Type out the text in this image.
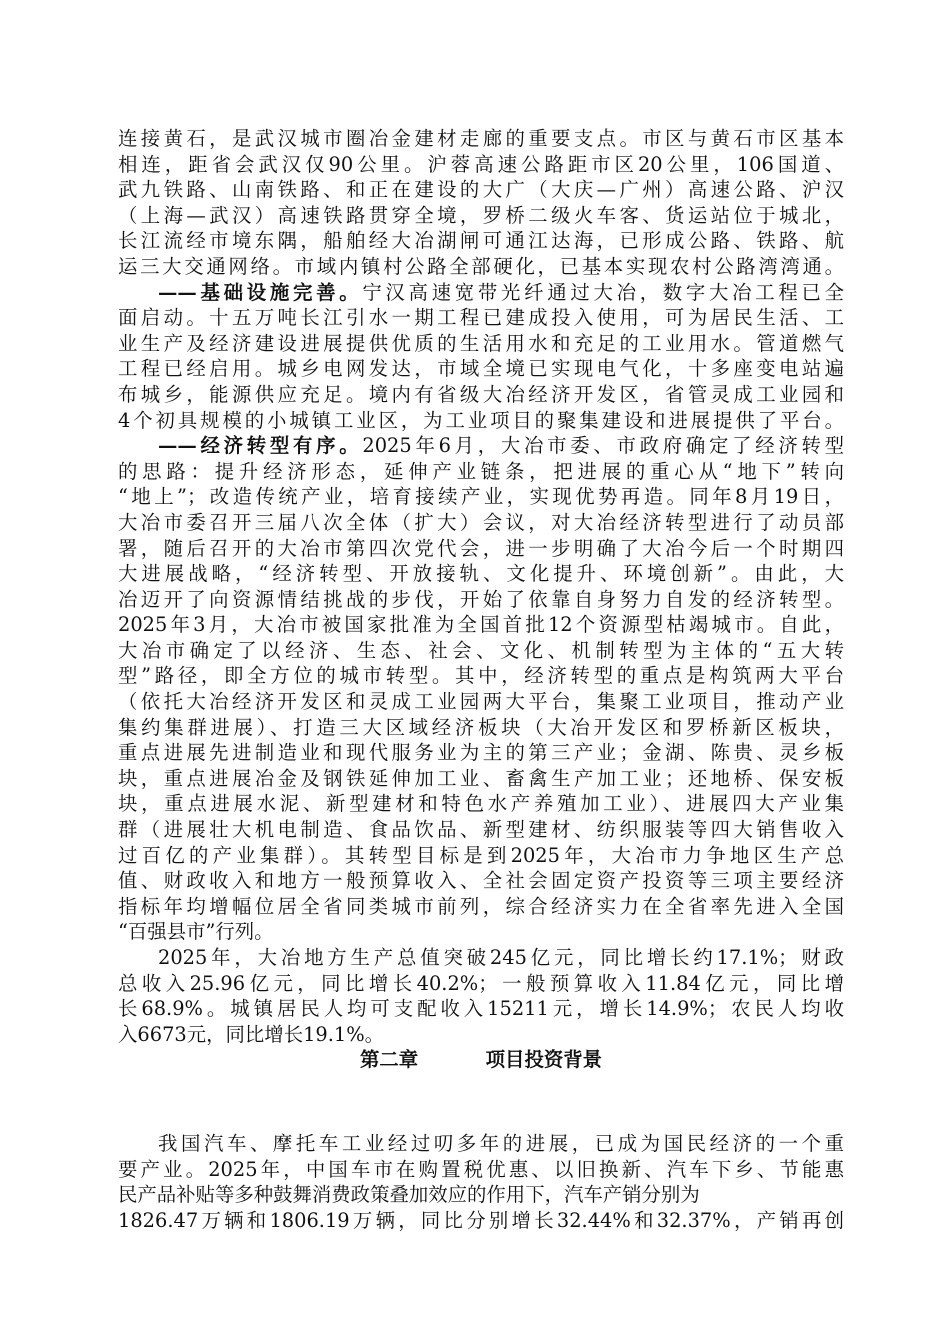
连接黄石，是武汉城市圈冶金建材走廊的重要支点。市区与黄石市区基本
相连，距省会武汉仅90公里。沪蓉高速公路距市区20公里，106国道、
武九铁路、山南铁路、和正在建设的大广（大庆—广州）高速公路、沪汉
（上海—武汉）高速铁路贯穿全境，罗桥二级火车客、货运站位于城北，
长江流经市境东隅，船舶经大冶湖闸可通江达海，已形成公路、铁路、航
运三大交通网络。市域内镇村公路全部硬化，已基本实现农村公路湾湾通。
——基础设施完善。宁汉高速宽带光纤通过大冶，数字大冶工程已全
面启动。十五万吨长江引水一期工程已建成投入使用，可为居民生活、工
业生产及经济建设进展提供优质的生活用水和充足的工业用水。管道燃气
工程已经启用。城乡电网发达，市域全境已实现电气化，十多座变电站遍
布城乡，能源供应充足。境内有省级大冶经济开发区，省管灵成工业园和
4个初具规模的小城镇工业区，为工业项目的聚集建设和进展提供了平台。
——经济转型有序。2025年6月，大冶市委、市政府确定了经济转型
的思路：提升经济形态，延伸产业链条，把进展的重心从“地下”转向
“地上”；改造传统产业，培育接续产业，实现优势再造。同年8月19日，
大冶市委召开三届八次全体（扩大）会议，对大冶经济转型进行了动员部
署，随后召开的大冶市第四次党代会，进一步明确了大冶今后一个时期四
大进展战略，“经济转型、开放接轨、文化提升、环境创新”。由此，大
冶迈开了向资源情结挑战的步伐，开始了依靠自身努力自发的经济转型。
2025年3月，大冶市被国家批准为全国首批12个资源型枯竭城市。自此，
大冶市确定了以经济、生态、社会、文化、机制转型为主体的“五大转
型”路径，即全方位的城市转型。其中，经济转型的重点是构筑两大平台
（依托大冶经济开发区和灵成工业园两大平台，集聚工业项目，推动产业
集约集群进展）、打造三大区域经济板块（大冶开发区和罗桥新区板块，
重点进展先进制造业和现代服务业为主的第三产业；金湖、陈贵、灵乡板
块，重点进展冶金及钢铁延伸加工业、畜禽生产加工业；还地桥、保安板
块，重点进展水泥、新型建材和特色水产养殖加工业）、进展四大产业集
群（进展壮大机电制造、食品饮品、新型建材、纺织服装等四大销售收入
过百亿的产业集群）。其转型目标是到2025年，大冶市力争地区生产总
值、财政收入和地方一般预算收入、全社会固定资产投资等三项主要经济
指标年均增幅位居全省同类城市前列，综合经济实力在全省率先进入全国
“百强县市”行列。
2025年，大冶地方生产总值突破245亿元，同比增长约17.1%；财政
总收入25.96亿元，同比增长40.2%；一般预算收入11.84亿元，同比增
长68.9%。城镇居民人均可支配收入15211元，增长14.9%；农民人均收
入6673元，同比增长19.1%。
第二章	项目投资背景
我国汽车、摩托车工业经过叨多年的进展，已成为国民经济的一个重
要产业。2025年，中国车市在购置税优惠、以旧换新、汽车下乡、节能惠
民产品补贴等多种鼓舞消费政策叠加效应的作用下，汽车产销分别为
1826.47万辆和1806.19万辆，同比分别增长32.44%和32.37%，产销再创
